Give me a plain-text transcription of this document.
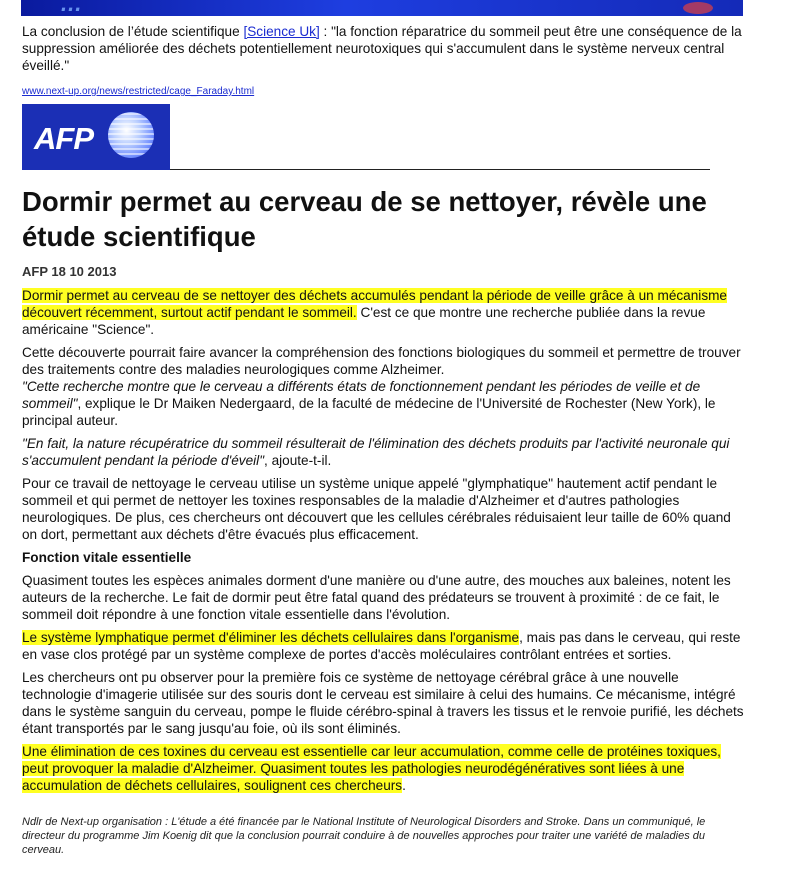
...
La conclusion de l’étude scientifique [Science Uk] : "la fonction réparatrice du sommeil peut être une conséquence de la suppression améliorée des déchets potentiellement neurotoxiques qui s'accumulent dans le système nerveux central éveillé."
www.next-up.org/news/restricted/cage_Faraday.html
AFP
Dormir permet au cerveau de se nettoyer, révèle une étude scientifique
AFP 18 10 2013

Dormir permet au cerveau de se nettoyer des déchets accumulés pendant la période de veille grâce à un mécanisme découvert récemment, surtout actif pendant le sommeil. C'est ce que montre une recherche publiée dans la revue américaine "Science".

Cette découverte pourrait faire avancer la compréhension des fonctions biologiques du sommeil et permettre de trouver des traitements contre des maladies neurologiques comme Alzheimer.

"Cette recherche montre que le cerveau a différents états de fonctionnement pendant les périodes de veille et de sommeil", explique le Dr Maiken Nedergaard, de la faculté de médecine de l'Université de Rochester (New York), le principal auteur.

"En fait, la nature récupératrice du sommeil résulterait de l'élimination des déchets produits par l'activité neuronale qui s'accumulent pendant la période d'éveil", ajoute-t-il.

Pour ce travail de nettoyage le cerveau utilise un système unique appelé "glymphatique" hautement actif pendant le sommeil et qui permet de nettoyer les toxines responsables de la maladie d'Alzheimer et d'autres pathologies neurologiques. De plus, ces chercheurs ont découvert que les cellules cérébrales réduisaient leur taille de 60% quand on dort, permettant aux déchets d'être évacués plus efficacement.

Fonction vitale essentielle

Quasiment toutes les espèces animales dorment d'une manière ou d'une autre, des mouches aux baleines, notent les auteurs de la recherche. Le fait de dormir peut être fatal quand des prédateurs se trouvent à proximité : de ce fait, le sommeil doit répondre à une fonction vitale essentielle dans l'évolution.

Le système lymphatique permet d'éliminer les déchets cellulaires dans l'organisme, mais pas dans le cerveau, qui reste en vase clos protégé par un système complexe de portes d'accès moléculaires contrôlant entrées et sorties.

Les chercheurs ont pu observer pour la première fois ce système de nettoyage cérébral grâce à une nouvelle technologie d'imagerie utilisée sur des souris dont le cerveau est similaire à celui des humains. Ce mécanisme, intégré dans le système sanguin du cerveau, pompe le fluide cérébro-spinal à travers les tissus et le renvoie purifié, les déchets étant transportés par le sang jusqu'au foie, où ils sont éliminés.

Une élimination de ces toxines du cerveau est essentielle car leur accumulation, comme celle de protéines toxiques, peut provoquer la maladie d'Alzheimer. Quasiment toutes les pathologies neurodégénératives sont liées à une accumulation de déchets cellulaires, soulignent ces chercheurs.

Ndlr de Next-up organisation : L'étude a été financée par le National Institute of Neurological Disorders and Stroke. Dans un communiqué, le directeur du programme Jim Koenig dit que la conclusion pourrait conduire à de nouvelles approches pour traiter une variété de maladies du cerveau.
